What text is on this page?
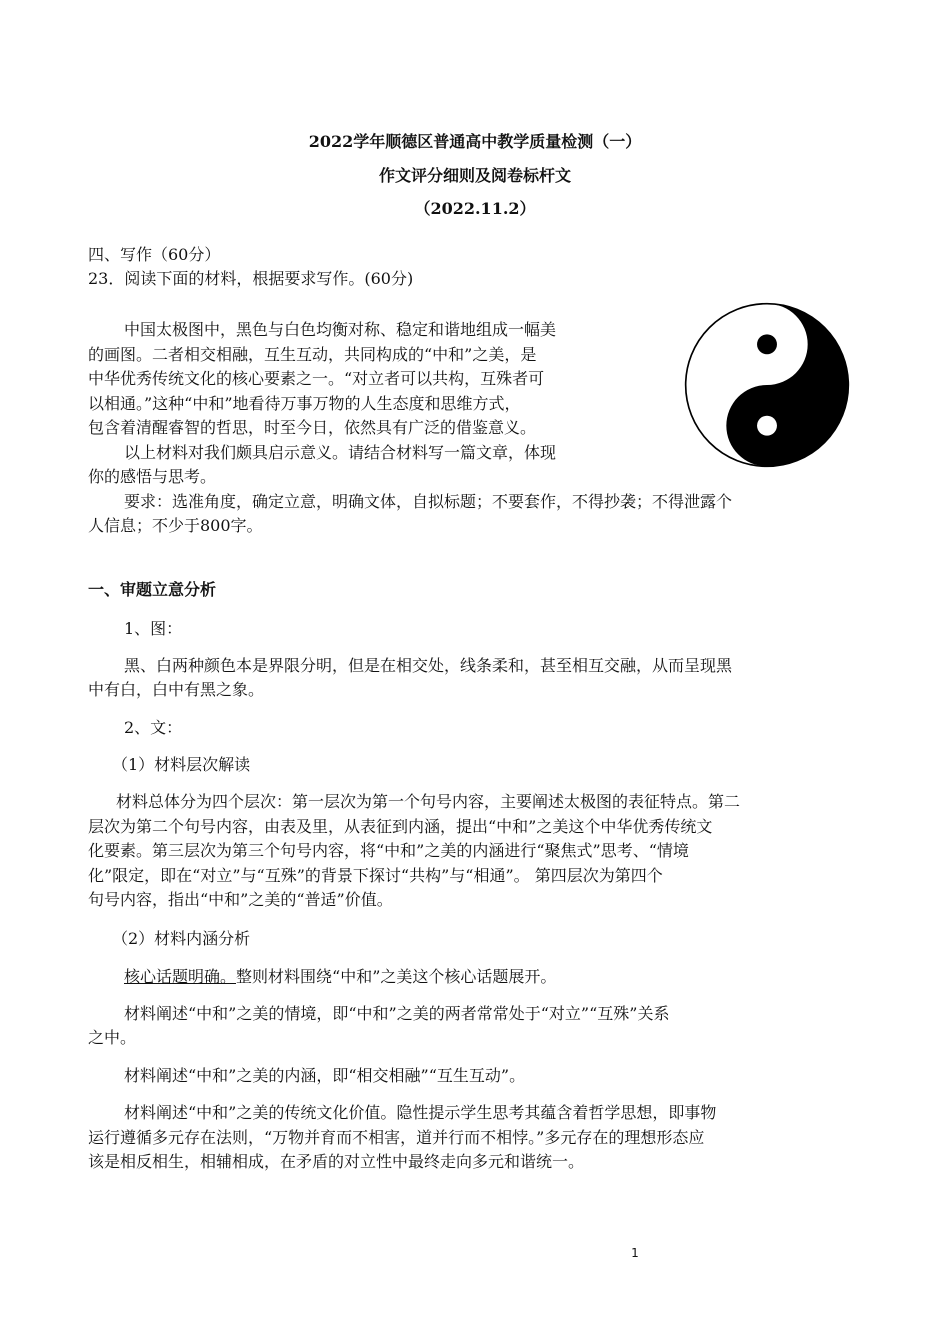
2022学年顺德区普通高中教学质量检测（一）
作文评分细则及阅卷标杆文
（2022.11.2）
四、写作（60分）
23．阅读下面的材料，根据要求写作。(60分)
中国太极图中，黑色与白色均衡对称、稳定和谐地组成一幅美
的画图。二者相交相融，互生互动，共同构成的“中和”之美，是
中华优秀传统文化的核心要素之一。“对立者可以共构，互殊者可
以相通。”这种“中和”地看待万事万物的人生态度和思维方式，
包含着清醒睿智的哲思，时至今日，依然具有广泛的借鉴意义。
以上材料对我们颇具启示意义。请结合材料写一篇文章，体现
你的感悟与思考。
要求：选准角度，确定立意，明确文体，自拟标题；不要套作，不得抄袭；不得泄露个
人信息；不少于800字。
一、审题立意分析
1、图：
黑、白两种颜色本是界限分明，但是在相交处，线条柔和，甚至相互交融，从而呈现黑
中有白，白中有黑之象。
2、文：
（1）材料层次解读
材料总体分为四个层次：第一层次为第一个句号内容，主要阐述太极图的表征特点。第二
层次为第二个句号内容，由表及里，从表征到内涵，提出“中和”之美这个中华优秀传统文
化要素。第三层次为第三个句号内容，将“中和”之美的内涵进行“聚焦式”思考、“情境
化”限定，即在“对立”与“互殊”的背景下探讨“共构”与“相通”。 第四层次为第四个
句号内容，指出“中和”之美的“普适”价值。
（2）材料内涵分析
核心话题明确。整则材料围绕“中和”之美这个核心话题展开。
材料阐述“中和”之美的情境，即“中和”之美的两者常常处于“对立”“互殊”关系
之中。
材料阐述“中和”之美的内涵，即“相交相融”“互生互动”。
材料阐述“中和”之美的传统文化价值。隐性提示学生思考其蕴含着哲学思想，即事物
运行遵循多元存在法则，“万物并育而不相害，道并行而不相悖。”多元存在的理想形态应
该是相反相生，相辅相成，在矛盾的对立性中最终走向多元和谐统一。
1
